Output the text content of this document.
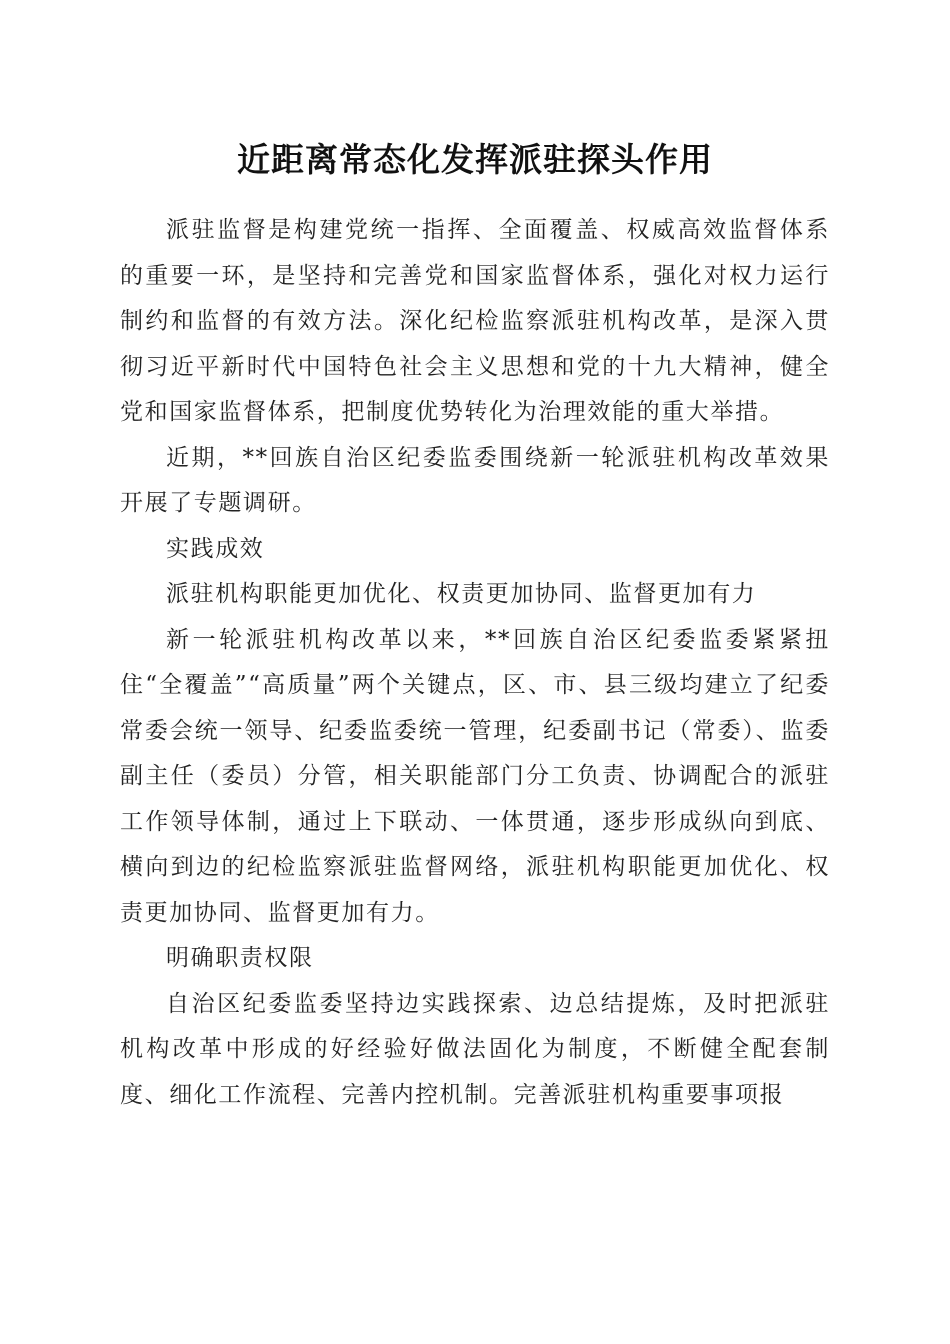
近距离常态化发挥派驻探头作用

派驻监督是构建党统一指挥、全面覆盖、权威高效监督体系的重要一环，是坚持和完善党和国家监督体系，强化对权力运行制约和监督的有效方法。深化纪检监察派驻机构改革，是深入贯彻习近平新时代中国特色社会主义思想和党的十九大精神，健全党和国家监督体系，把制度优势转化为治理效能的重大举措。

近期，**回族自治区纪委监委围绕新一轮派驻机构改革效果开展了专题调研。

实践成效

派驻机构职能更加优化、权责更加协同、监督更加有力

新一轮派驻机构改革以来，**回族自治区纪委监委紧紧扭住“全覆盖”“高质量”两个关键点，区、市、县三级均建立了纪委常委会统一领导、纪委监委统一管理，纪委副书记（常委）、监委副主任（委员）分管，相关职能部门分工负责、协调配合的派驻工作领导体制，通过上下联动、一体贯通，逐步形成纵向到底、横向到边的纪检监察派驻监督网络，派驻机构职能更加优化、权责更加协同、监督更加有力。

明确职责权限

自治区纪委监委坚持边实践探索、边总结提炼，及时把派驻机构改革中形成的好经验好做法固化为制度，不断健全配套制度、细化工作流程、完善内控机制。完善派驻机构重要事项报
